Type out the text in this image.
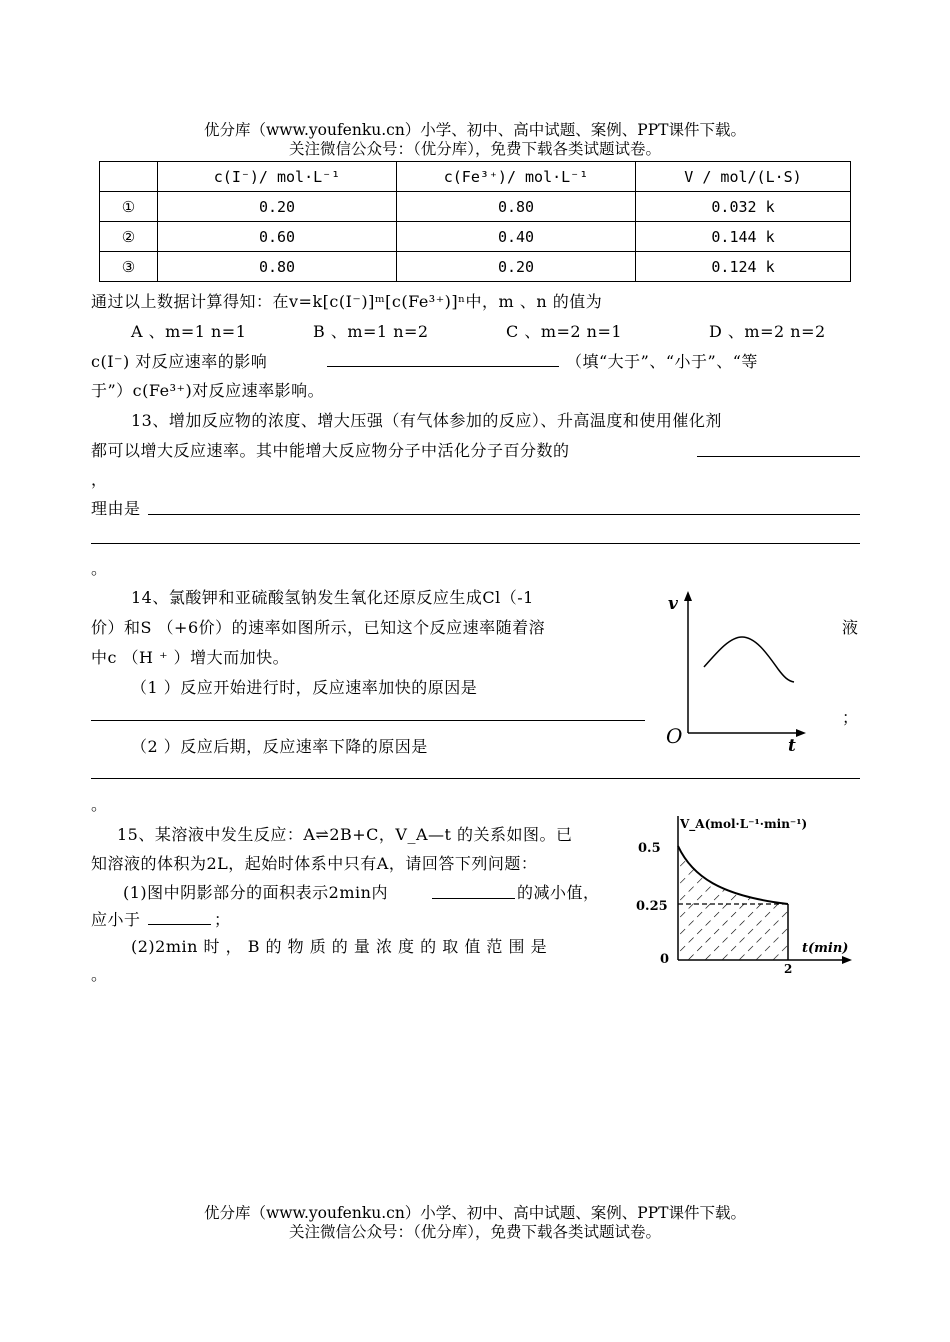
优分库（www.youfenku.cn）小学、初中、高中试题、案例、PPT课件下载。
关注微信公众号：（优分库），免费下载各类试题试卷。
	c(I⁻)/ mol·L⁻¹	c(Fe³⁺)/ mol·L⁻¹	V / mol/(L·S)
①	0.20	0.80	0.032 k
②	0.60	0.40	0.144 k
③	0.80	0.20	0.124 k
通过以上数据计算得知：在v=k[c(I⁻)]ᵐ[c(Fe³⁺)]ⁿ中，m 、n 的值为
A 、m=1 n=1	B 、m=1 n=2	C 、m=2 n=1	D 、m=2 n=2
c(I⁻) 对反应速率的影响	（填“大于”、“小于”、“等
于”）c(Fe³⁺)对反应速率影响。
13、增加反应物的浓度、增大压强（有气体参加的反应）、升高温度和使用催化剂
都可以增大反应速率。其中能增大反应物分子中活化分子百分数的
，
理由是
。
14、氯酸钾和亚硫酸氢钠发生氧化还原反应生成Cl（-1
价）和S （+6价）的速率如图所示，已知这个反应速率随着溶	液
中c （H ⁺ ）增大而加快。
（1 ）反应开始进行时，反应速率加快的原因是
；
（2 ）反应后期，反应速率下降的原因是
。
v
O	t
15、某溶液中发生反应：A⇌2B+C，V_A—t 的关系如图。已
知溶液的体积为2L，起始时体系中只有A，请回答下列问题：
(1)图中阴影部分的面积表示2min内	的减小值，
应小于	；
(2)2min 时 ， B 的 物 质 的 量 浓 度 的 取 值 范 围 是
。
V_A(mol·L⁻¹·min⁻¹)
0.5
0.25
0
2
t(min)
优分库（www.youfenku.cn）小学、初中、高中试题、案例、PPT课件下载。
关注微信公众号：（优分库），免费下载各类试题试卷。
